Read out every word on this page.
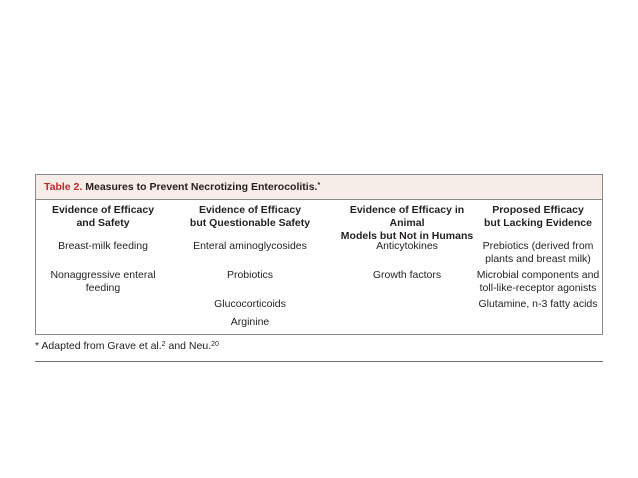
Table 2. Measures to Prevent Necrotizing Enterocolitis.*
Evidence of Efficacy
and Safety
Breast-milk feeding
Nonaggressive enteral
feeding
Evidence of Efficacy
but Questionable Safety
Enteral aminoglycosides
Probiotics
Glucocorticoids
Arginine
Evidence of Efficacy in Animal
Models but Not in Humans
Anticytokines
Growth factors
Proposed Efficacy
but Lacking Evidence
Prebiotics (derived from
plants and breast milk)
Microbial components and
toll-like-receptor agonists
Glutamine, n-3 fatty acids
* Adapted from Grave et al.$^2$ and Neu.$^{20}$
